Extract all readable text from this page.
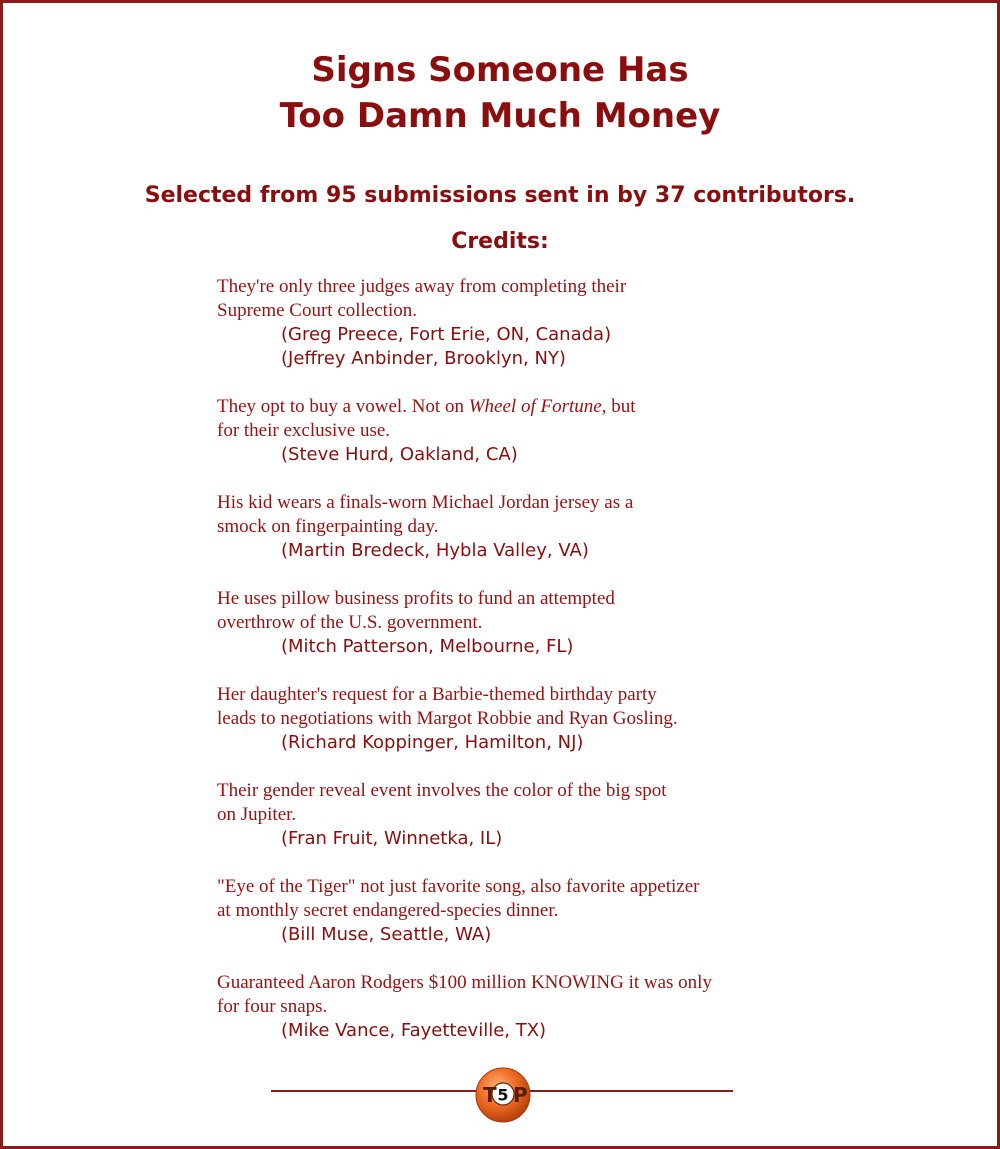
Signs Someone Has
Too Damn Much Money
Selected from 95 submissions sent in by 37 contributors.
Credits:
They're only three judges away from completing their
Supreme Court collection.
(Greg Preece, Fort Erie, ON, Canada)
(Jeffrey Anbinder, Brooklyn, NY)
They opt to buy a vowel. Not on Wheel of Fortune, but
for their exclusive use.
(Steve Hurd, Oakland, CA)
His kid wears a finals-worn Michael Jordan jersey as a
smock on fingerpainting day.
(Martin Bredeck, Hybla Valley, VA)
He uses pillow business profits to fund an attempted
overthrow of the U.S. government.
(Mitch Patterson, Melbourne, FL)
Her daughter's request for a Barbie-themed birthday party
leads to negotiations with Margot Robbie and Ryan Gosling.
(Richard Koppinger, Hamilton, NJ)
Their gender reveal event involves the color of the big spot
on Jupiter.
(Fran Fruit, Winnetka, IL)
"Eye of the Tiger" not just favorite song, also favorite appetizer
at monthly secret endangered-species dinner.
(Bill Muse, Seattle, WA)
Guaranteed Aaron Rodgers $100 million KNOWING it was only
for four snaps.
(Mike Vance, Fayetteville, TX)
T 5 P
